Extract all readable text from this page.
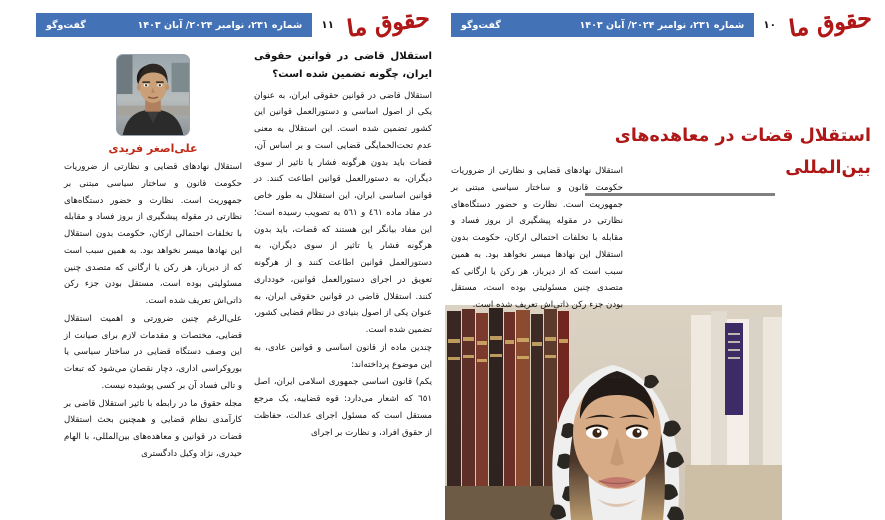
حقوق ما
۱۱
شماره ۲۳۱، نوامبر ۲۰۲۴/ آبان ۱۴۰۳
گفت‌وگو
استقلال قاضی در قوانین حقوقی ایران، چگونه تضمین شده است؟

استقلال قاضی در قوانین حقوقی ایران، به عنوان یکی از اصول اساسی و دستورالعمل قوانین این کشور تضمین شده است. این استقلال به معنی عدم تحت‌الحمایگی قضایی است و بر اساس آن، قضات باید بدون هرگونه فشار یا تاثیر از سوی دیگران، به دستورالعمل قوانین اطاعت کنند. در قوانین اساسی ایران، این استقلال به طور خاص در مفاد ماده ٤٦١ و ٥٦١ به تصویب رسیده است؛ این مفاد بیانگر این هستند که قضات، باید بدون هرگونه فشار یا تاثیر از سوی دیگران، به دستورالعمل قوانین اطاعت کنند و از هرگونه تعویق در اجرای دستورالعمل قوانین، خودداری کنند. استقلال قاضی در قوانین حقوقی ایران، به عنوان یکی از اصول بنیادی در نظام قضایی کشور، تضمین شده است.

چندین ماده از قانون اساسی و قوانین عادی، به این موضوع پرداخته‌اند:

یکم) قانون اساسی جمهوری اسلامی ایران، اصل ٦٥١ که اشعار می‌دارد: قوه قضاییه، یک مرجع مستقل است که مسئول اجرای عدالت، حفاظت از حقوق افراد، و نظارت بر اجرای

علی‌اصغر فریدی

استقلال نهادهای قضایی و نظارتی از ضروریات حکومت قانون و ساختار سیاسی مبتنی بر جمهوریت است. نظارت و حضور دستگاه‌های نظارتی در مقوله پیشگیری از بروز فساد و مقابله با تخلفات احتمالی ارکان، حکومت بدون استقلال این نهادها میسر نخواهد بود. به همین سبب است که از دیرباز، هر رکن یا ارگانی که متصدی چنین مسئولیتی بوده است، مستقل بودن جزء رکن ذاتی‌اش تعریف شده است.

علی‌الرغم چنین ضرورتی و اهمیت استقلال قضایی، مختصات و مقدمات لازم برای صیانت از این وصف دستگاه قضایی در ساختار سیاسی یا بوروکراسی اداری، دچار نقصان می‌شود که تبعات و تالی فساد آن بر کسی پوشیده نیست.

مجله حقوق ما در رابطه با تاثیر استقلال قاضی بر کارآمدی نظام قضایی و همچنین بحث استقلال قضات در قوانین و معاهده‌های بین‌المللی، با الهام حیدری، نژاد وکیل دادگستری

حقوق ما
۱۰
شماره ۲۳۱، نوامبر ۲۰۲۴/ آبان ۱۴۰۳
گفت‌وگو
استقلال قضات در معاهده‌های
بین‌المللی

استقلال نهادهای قضایی و نظارتی از ضروریات حکومت قانون و ساختار سیاسی مبتنی بر جمهوریت است. نظارت و حضور دستگاه‌های نظارتی در مقوله پیشگیری از بروز فساد و مقابله با تخلفات احتمالی ارکان، حکومت بدون استقلال این نهادها میسر نخواهد بود. به همین سبب است که از دیرباز، هر رکن یا ارگانی که متصدی چنین مسئولیتی بوده است، مستقل بودن جزء رکن ذاتی‌اش تعریف شده است.
